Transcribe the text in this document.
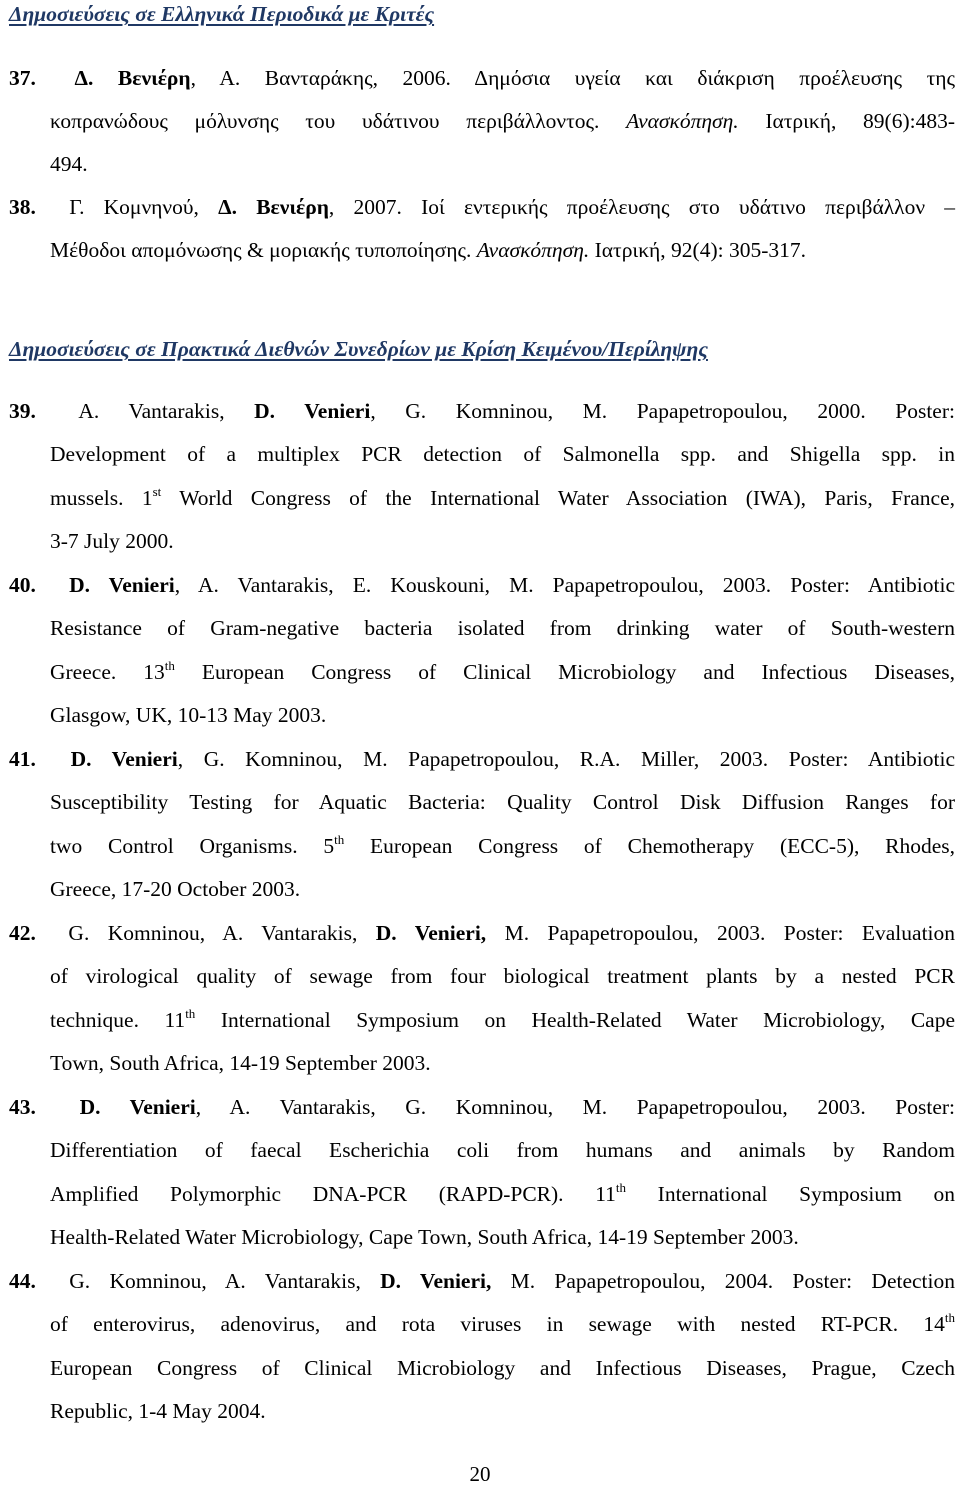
Δημοσιεύσεις σε Ελληνικά Περιοδικά με Κριτές
37. Δ. Βενιέρη, Α. Βανταράκης, 2006. Δημόσια υγεία και διάκριση προέλευσης της
κοπρανώδους μόλυνσης του υδάτινου περιβάλλοντος. Ανασκόπηση. Ιατρική, 89(6):483-
494.
38. Γ. Κομνηνού, Δ. Βενιέρη, 2007. Ιοί εντερικής προέλευσης στο υδάτινο περιβάλλον –
Μέθοδοι απομόνωσης & μοριακής τυποποίησης. Ανασκόπηση. Ιατρική, 92(4): 305-317.
Δημοσιεύσεις σε Πρακτικά Διεθνών Συνεδρίων με Κρίση Κειμένου/Περίληψης
39. A. Vantarakis, D. Venieri, G. Komninou, M. Papapetropoulou, 2000. Poster:
Development of a multiplex PCR detection of Salmonella spp. and Shigella spp. in
mussels. 1st World Congress of the International Water Association (IWA), Paris, France,
3-7 July 2000.
40. D. Venieri, A. Vantarakis, E. Kouskouni, M. Papapetropoulou, 2003. Poster: Antibiotic
Resistance of Gram-negative bacteria isolated from drinking water of South-western
Greece. 13th European Congress of Clinical Microbiology and Infectious Diseases,
Glasgow, UK, 10-13 May 2003.
41. D. Venieri, G. Komninou, M. Papapetropoulou, R.A. Miller, 2003. Poster: Antibiotic
Susceptibility Testing for Aquatic Bacteria: Quality Control Disk Diffusion Ranges for
two Control Organisms. 5th European Congress of Chemotherapy (ECC-5), Rhodes,
Greece, 17-20 October 2003.
42. G. Komninou, A. Vantarakis, D. Venieri, M. Papapetropoulou, 2003. Poster: Evaluation
of virological quality of sewage from four biological treatment plants by a nested PCR
technique. 11th International Symposium on Health-Related Water Microbiology, Cape
Town, South Africa, 14-19 September 2003.
43. D. Venieri, A. Vantarakis, G. Komninou, M. Papapetropoulou, 2003. Poster:
Differentiation of faecal Escherichia coli from humans and animals by Random
Amplified Polymorphic DNA-PCR (RAPD-PCR). 11th International Symposium on
Health-Related Water Microbiology, Cape Town, South Africa, 14-19 September 2003.
44. G. Komninou, A. Vantarakis, D. Venieri, M. Papapetropoulou, 2004. Poster: Detection
of enterovirus, adenovirus, and rota viruses in sewage with nested RT-PCR. 14th
European Congress of Clinical Microbiology and Infectious Diseases, Prague, Czech
Republic, 1-4 May 2004.
20
